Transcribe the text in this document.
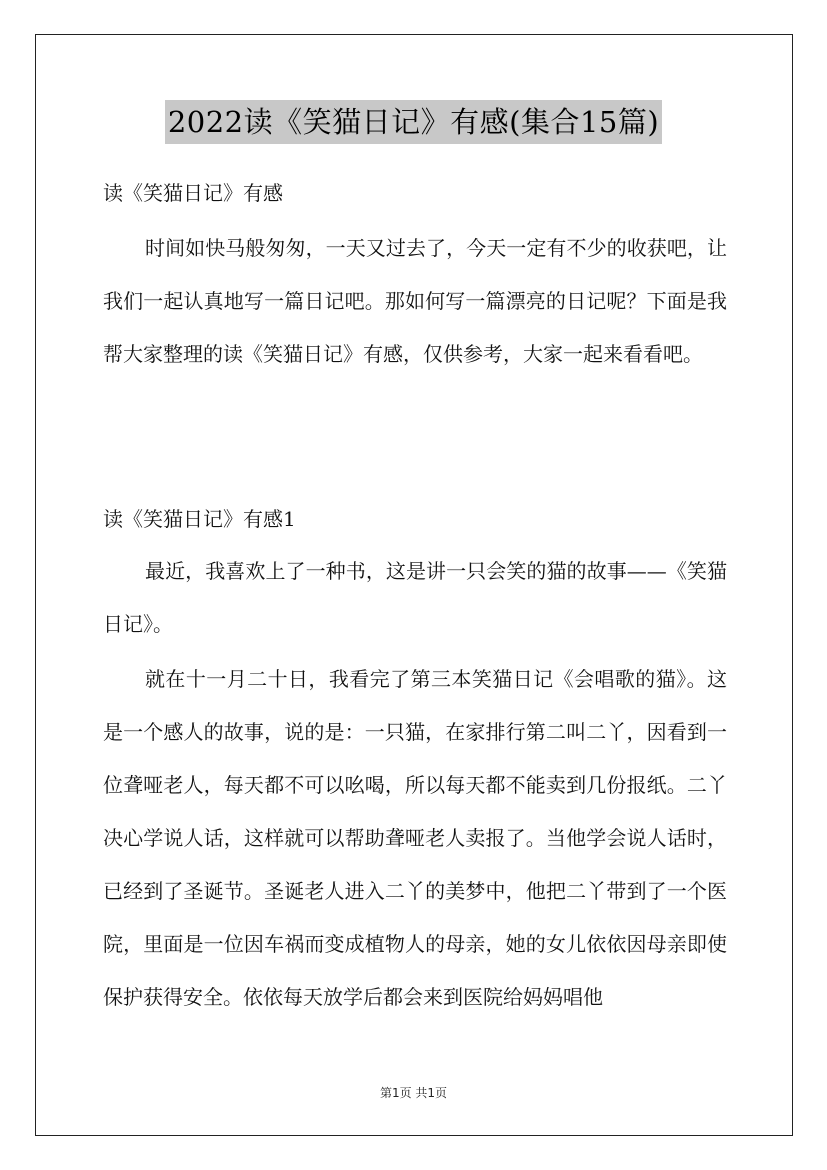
2022读《笑猫日记》有感(集合15篇)
读《笑猫日记》有感

时间如快马般匆匆，一天又过去了，今天一定有不少的收获吧，让我们一起认真地写一篇日记吧。那如何写一篇漂亮的日记呢？下面是我帮大家整理的读《笑猫日记》有感，仅供参考，大家一起来看看吧。

读《笑猫日记》有感1

最近，我喜欢上了一种书，这是讲一只会笑的猫的故事——《笑猫日记》。

就在十一月二十日，我看完了第三本笑猫日记《会唱歌的猫》。这是一个感人的故事，说的是：一只猫，在家排行第二叫二丫，因看到一位聋哑老人，每天都不可以吆喝，所以每天都不能卖到几份报纸。二丫决心学说人话，这样就可以帮助聋哑老人卖报了。当他学会说人话时，已经到了圣诞节。圣诞老人进入二丫的美梦中，他把二丫带到了一个医院，里面是一位因车祸而变成植物人的母亲，她的女儿依依因母亲即使保护获得安全。依依每天放学后都会来到医院给妈妈唱他

第1页 共1页
